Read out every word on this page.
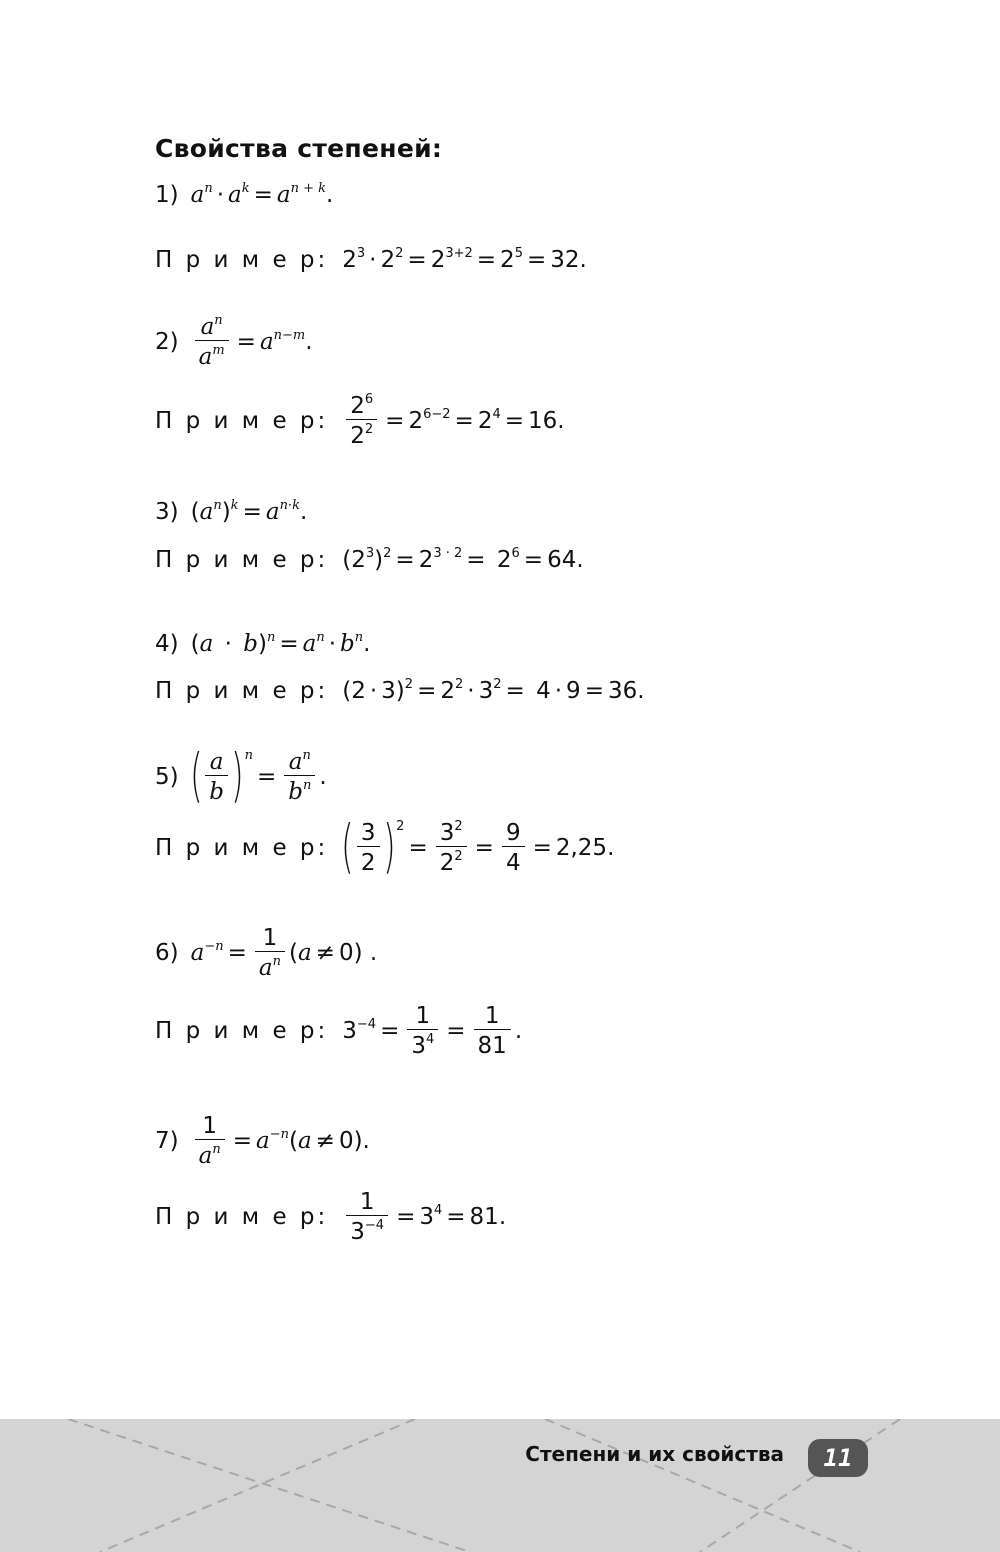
Свойства степеней:
1) $a^n \cdot a^k = a^{n + k}$.
П р и м е р: $2^3 \cdot 2^2 = 2^{3+2} = 2^5 = 32$.
$2) \frac{a^n}{a^m} = a^{n-m}$.
П р и м е р: $\frac{2^6}{2^2} = 2^{6-2} = 2^4 = 16$.
3) $(a^n)^k = a^{n\cdot k}$.
П р и м е р: $(2^3)^2 = 2^{3 \cdot 2} = 2^6 = 64$.
4) $(a \cdot b)^n = a^n \cdot b^n$.
П р и м е р: $(2 \cdot 3)^2 = 2^2 \cdot 3^2 = 4 \cdot 9 = 36$.
5) ( $\frac{a}{b}$ ) n
= $\frac{a^n}{b^n}$ .
П р и м е р: ( $\frac{3}{2}$ ) 2
= $\frac{3^2}{2^2} = \frac{9}{4} = 2,25$.
6) $a^{-n} = \frac{1}{a^n} (a \ne 0)$ .
П р и м е р: $3^{-4} = \frac{1}{3^4} = \frac{1}{81}$ .
$7) \frac{1}{a^n} = a^{-n}(a \ne 0)$.
П р и м е р: $\frac{1}{3^{-4}} = 3^4 = 81$.
Степени и их свойства	11
